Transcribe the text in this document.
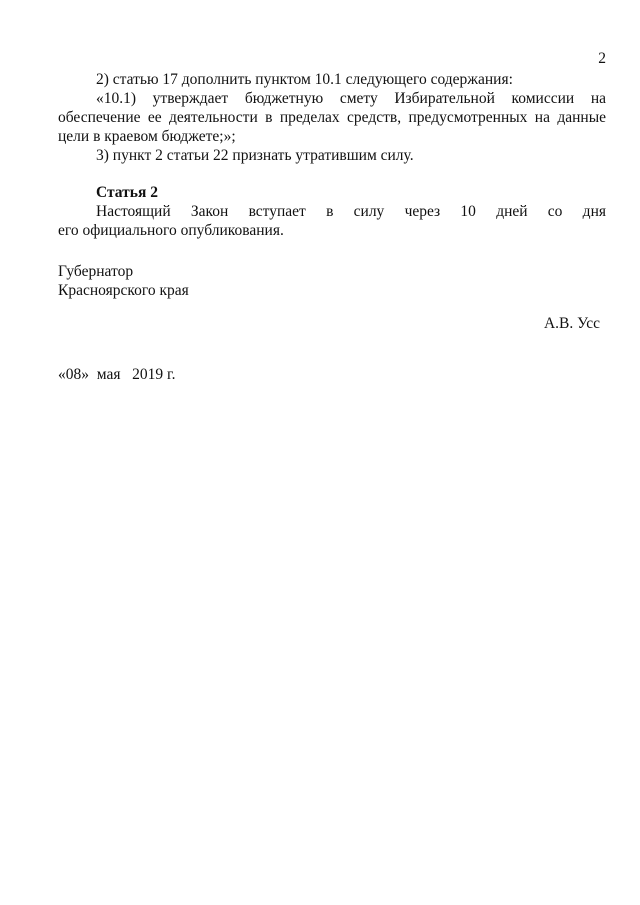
2

2) статью 17 дополнить пунктом 10.1 следующего содержания:

«10.1) утверждает бюджетную смету Избирательной комиссии на

обеспечение ее деятельности в пределах средств, предусмотренных на данные цели в краевом бюджете;»;

3) пункт 2 статьи 22 признать утратившим силу.

Статья 2

Настоящий Закон вступает в силу через 10 дней со дня

его официального опубликования.

Губернатор
Красноярского края
А.В. Усс
«08»  мая   2019 г.
